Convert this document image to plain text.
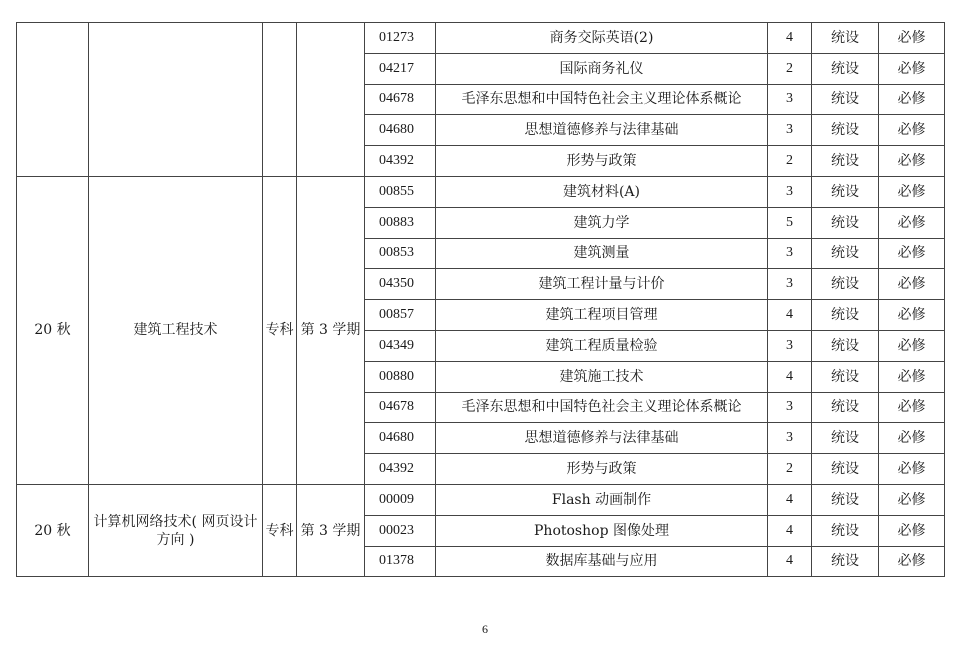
				01273	商务交际英语(2)	4	统设	必修
				04217	国际商务礼仪	2	统设	必修
				04678	毛泽东思想和中国特色社会主义理论体系概论	3	统设	必修
				04680	思想道德修养与法律基础	3	统设	必修
				04392	形势与政策	2	统设	必修
20 秋	建筑工程技术	专科	第 3 学期	00855	建筑材料(A)	3	统设	必修
				00883	建筑力学	5	统设	必修
				00853	建筑测量	3	统设	必修
				04350	建筑工程计量与计价	3	统设	必修
				00857	建筑工程项目管理	4	统设	必修
				04349	建筑工程质量检验	3	统设	必修
				00880	建筑施工技术	4	统设	必修
				04678	毛泽东思想和中国特色社会主义理论体系概论	3	统设	必修
				04680	思想道德修养与法律基础	3	统设	必修
				04392	形势与政策	2	统设	必修
20 秋	计算机网络技术( 网页设计方向 )	专科	第 3 学期	00009	Flash 动画制作	4	统设	必修
				00023	Photoshop 图像处理	4	统设	必修
				01378	数据库基础与应用	4	统设	必修
6
